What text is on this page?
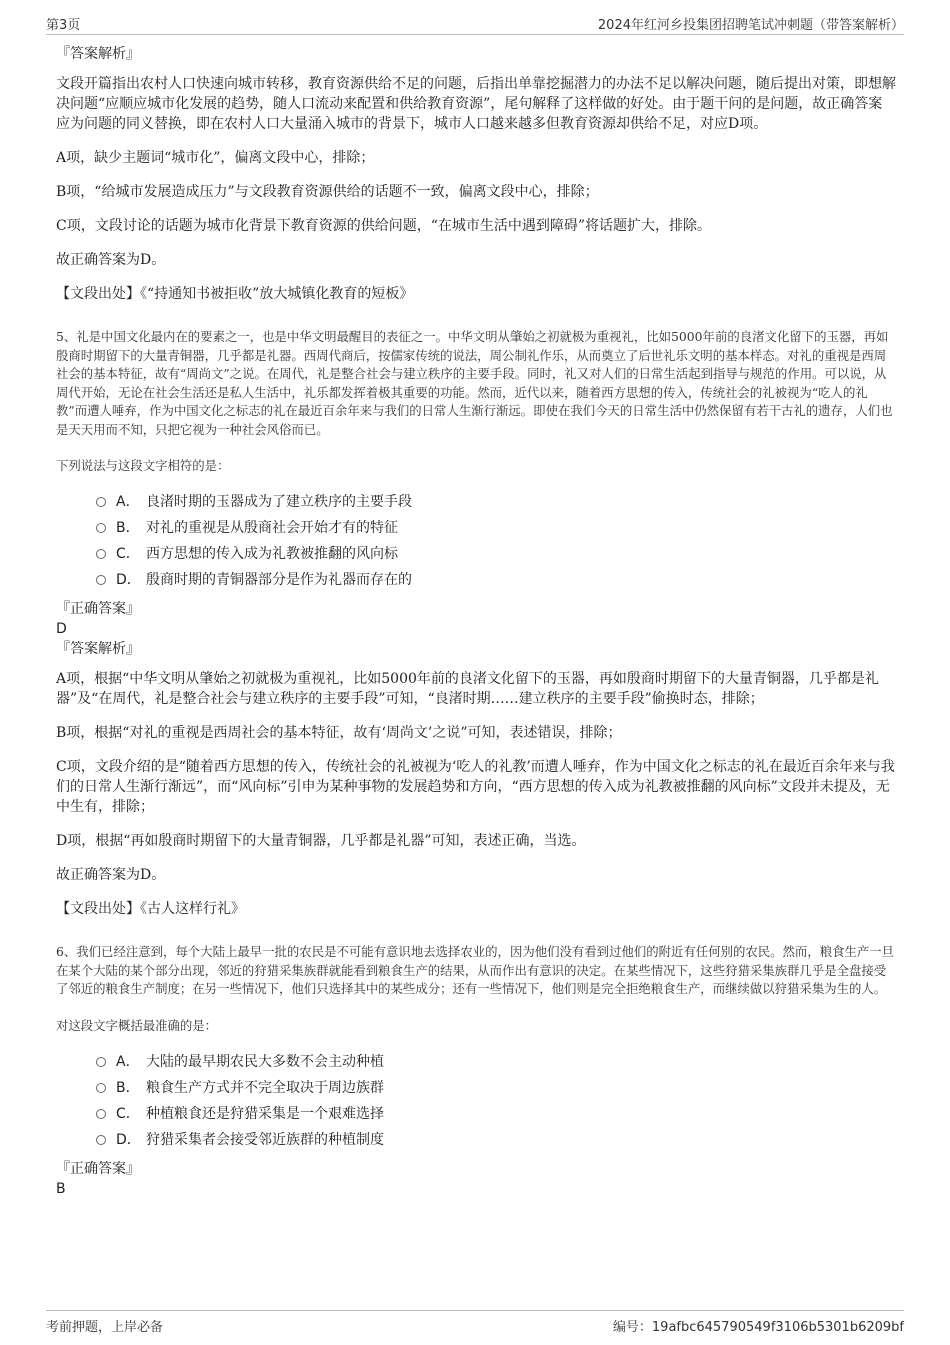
第3页	2024年红河乡投集团招聘笔试冲刺题（带答案解析）

『答案解析』

文段开篇指出农村人口快速向城市转移，教育资源供给不足的问题，后指出单靠挖掘潜力的办法不足以解决问题，随后提出对策，即想解决问题“应顺应城市化发展的趋势，随人口流动来配置和供给教育资源”，尾句解释了这样做的好处。由于题干问的是问题，故正确答案应为问题的同义替换，即在农村人口大量涌入城市的背景下，城市人口越来越多但教育资源却供给不足，对应D项。

A项，缺少主题词“城市化”，偏离文段中心，排除；

B项，“给城市发展造成压力”与文段教育资源供给的话题不一致，偏离文段中心，排除；

C项，文段讨论的话题为城市化背景下教育资源的供给问题，“在城市生活中遇到障碍”将话题扩大，排除。

故正确答案为D。

【文段出处】《“持通知书被拒收”放大城镇化教育的短板》

5、礼是中国文化最内在的要素之一，也是中华文明最醒目的表征之一。中华文明从肇始之初就极为重视礼，比如5000年前的良渚文化留下的玉器，再如殷商时期留下的大量青铜器，几乎都是礼器。西周代商后，按儒家传统的说法，周公制礼作乐，从而奠立了后世礼乐文明的基本样态。对礼的重视是西周社会的基本特征，故有“周尚文”之说。在周代，礼是整合社会与建立秩序的主要手段。同时，礼又对人们的日常生活起到指导与规范的作用。可以说，从周代开始，无论在社会生活还是私人生活中，礼乐都发挥着极其重要的功能。然而，近代以来，随着西方思想的传入，传统社会的礼被视为“吃人的礼教”而遭人唾弃，作为中国文化之标志的礼在最近百余年来与我们的日常人生渐行渐远。即使在我们今天的日常生活中仍然保留有若干古礼的遗存，人们也是天天用而不知，只把它视为一种社会风俗而已。

下列说法与这段文字相符的是：

A． 良渚时期的玉器成为了建立秩序的主要手段
B． 对礼的重视是从殷商社会开始才有的特征
C． 西方思想的传入成为礼教被推翻的风向标
D． 殷商时期的青铜器部分是作为礼器而存在的

『正确答案』

D

『答案解析』

A项，根据“中华文明从肇始之初就极为重视礼，比如5000年前的良渚文化留下的玉器，再如殷商时期留下的大量青铜器，几乎都是礼器”及“在周代，礼是整合社会与建立秩序的主要手段”可知，“良渚时期……建立秩序的主要手段”偷换时态，排除；

B项，根据“对礼的重视是西周社会的基本特征，故有‘周尚文’之说”可知，表述错误，排除；

C项，文段介绍的是“随着西方思想的传入，传统社会的礼被视为‘吃人的礼教’而遭人唾弃，作为中国文化之标志的礼在最近百余年来与我们的日常人生渐行渐远”，而“风向标”引申为某种事物的发展趋势和方向，“西方思想的传入成为礼教被推翻的风向标”文段并未提及，无中生有，排除；

D项，根据“再如殷商时期留下的大量青铜器，几乎都是礼器”可知，表述正确，当选。

故正确答案为D。

【文段出处】《古人这样行礼》

6、我们已经注意到，每个大陆上最早一批的农民是不可能有意识地去选择农业的，因为他们没有看到过他们的附近有任何别的农民。然而，粮食生产一旦在某个大陆的某个部分出现，邻近的狩猎采集族群就能看到粮食生产的结果，从而作出有意识的决定。在某些情况下，这些狩猎采集族群几乎是全盘接受了邻近的粮食生产制度；在另一些情况下，他们只选择其中的某些成分；还有一些情况下，他们则是完全拒绝粮食生产，而继续做以狩猎采集为生的人。

对这段文字概括最准确的是：

A． 大陆的最早期农民大多数不会主动种植
B． 粮食生产方式并不完全取决于周边族群
C． 种植粮食还是狩猎采集是一个艰难选择
D． 狩猎采集者会接受邻近族群的种植制度

『正确答案』

B

考前押题，上岸必备	编号：19afbc645790549f3106b5301b6209bf
